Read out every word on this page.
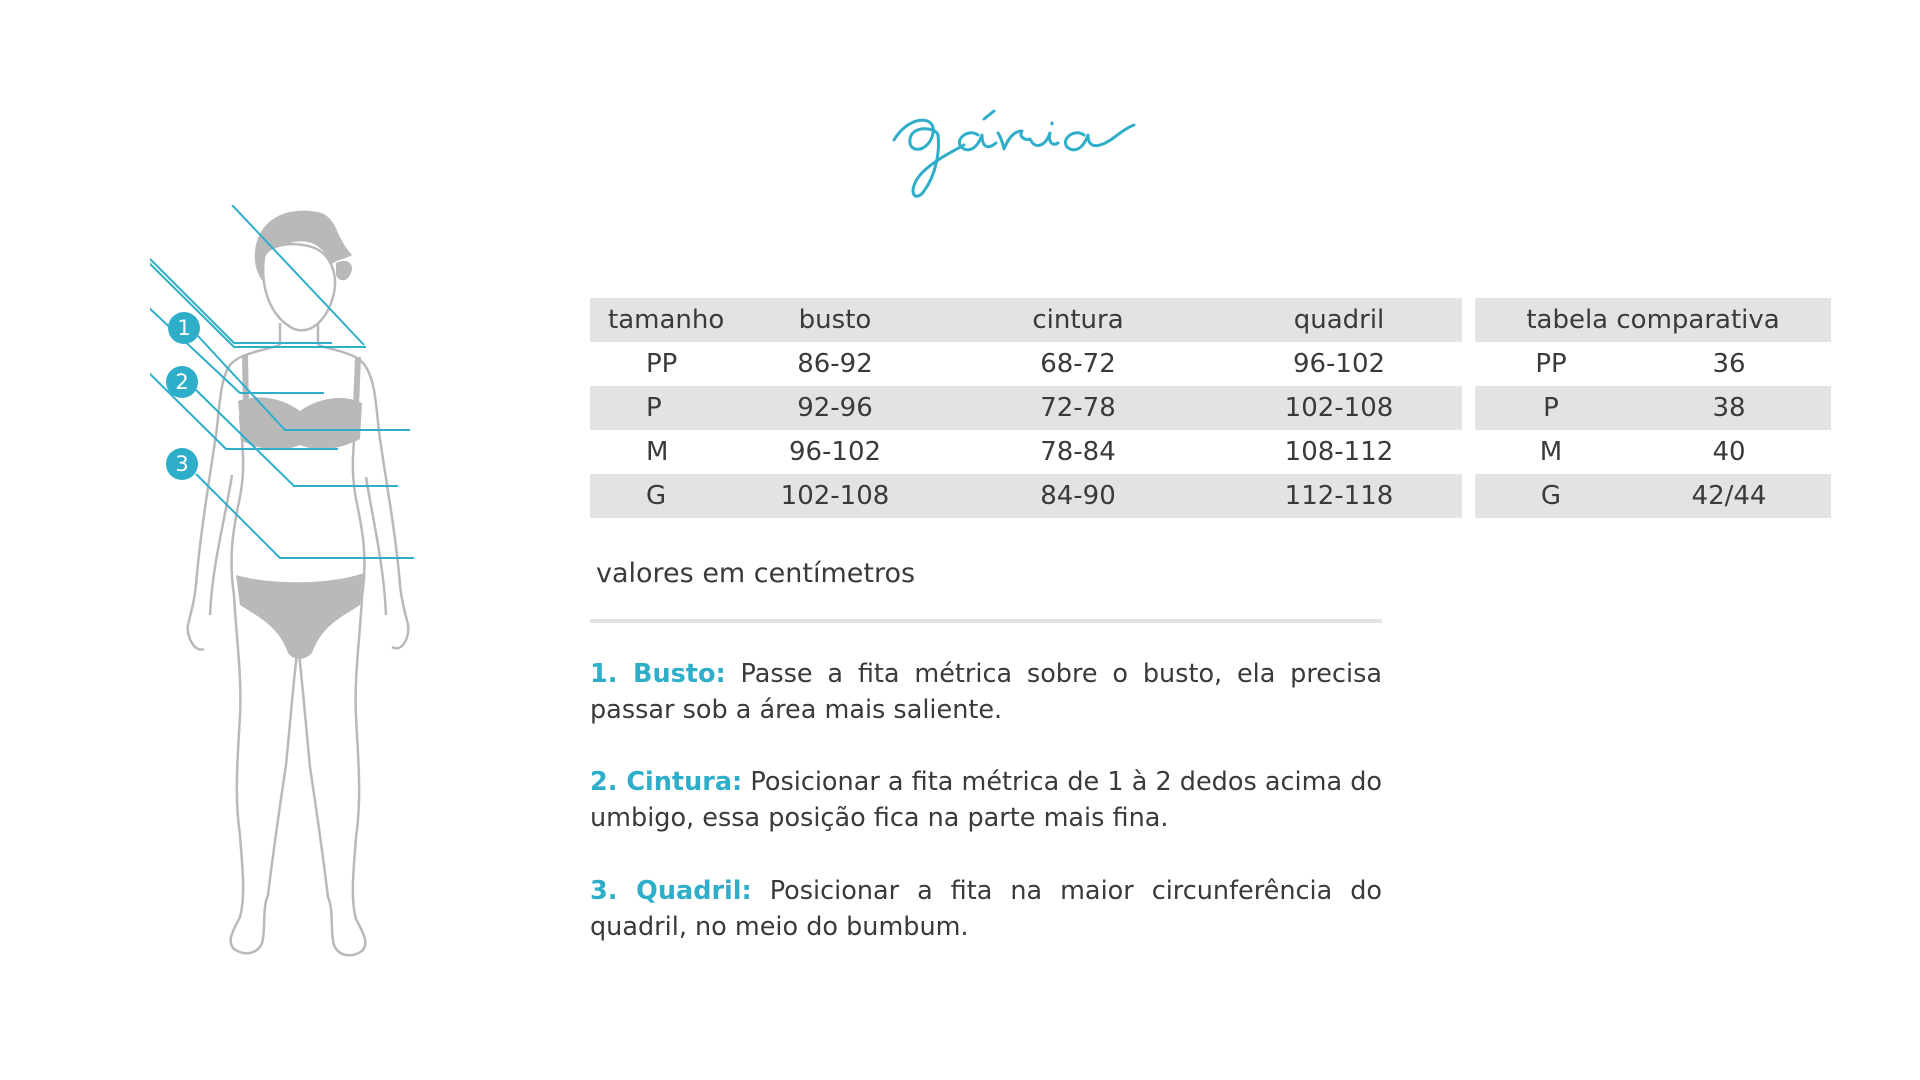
1
2
3
tamanho	busto	cintura	quadril
PP	86-92	68-72	96-102
P	92-96	72-78	102-108
M	96-102	78-84	108-112
G	102-108	84-90	112-118
tabela comparativa	
PP	36
P	38
M	40
G	42/44
valores em centímetros

1. Busto: Passe a fita métrica sobre o busto, ela precisa passar sob a área mais saliente.

2. Cintura: Posicionar a fita métrica de 1 à 2 dedos acima do umbigo, essa posição fica na parte mais fina.

3. Quadril: Posicionar a fita na maior circunferência do quadril, no meio do bumbum.
